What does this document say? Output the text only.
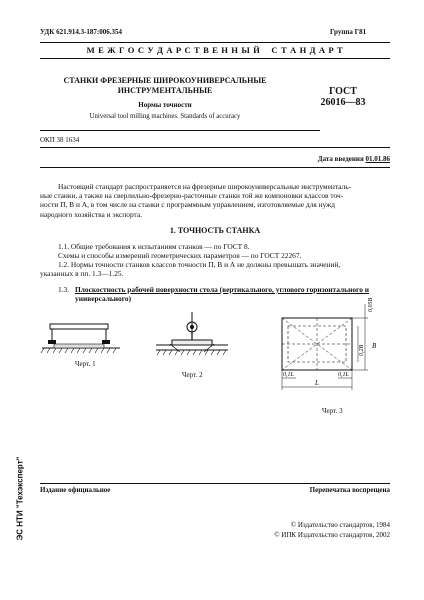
УДК 621.914.3-187:006.354	Группа Г81
М Е Ж Г О С У Д А Р С Т В Е Н Н Ы Й    С Т А Н Д А Р Т
СТАНКИ ФРЕЗЕРНЫЕ ШИРОКОУНИВЕРСАЛЬНЫЕ
ИНСТРУМЕНТАЛЬНЫЕ
Нормы точности
Universal tool milling machines. Standards of accuracy
ГОСТ
26016—83
ОКП 38 1634
Дата введения 01.01.86
Настоящий стандарт распространяется на фрезерные широкоуниверсальные инструменталь-
ные станки, а также на сверлильно-фрезерно-расточные станки той же компоновки классов точ-
ности П, В и А, в том числе на станки с программным управлением, изготовляемые для нужд
народного хозяйства и экспорта.
1. ТОЧНОСТЬ СТАНКА
1.1. Общие требования к испытаниям станков — по ГОСТ 8.
Схемы и способы измерений геометрических параметров — по ГОСТ 22267.
1.2. Нормы точности станков классов точности П, В и А не должны превышать значений,
указанных в пп. 1.3—1.25.
1.3. Плоскостность рабочей поверхности стола (вертикального, углового горизонтального и
универсального)
Черт. 1
Черт. 2
0,05B
B
0,2B
0,1L	0,1L
L
Черт. 3
ЭС НТИ "Техэксперт" Издание официальное	Перепечатка воспрещена
© Издательство стандартов, 1984
© ИПК Издательство стандартов, 2002
